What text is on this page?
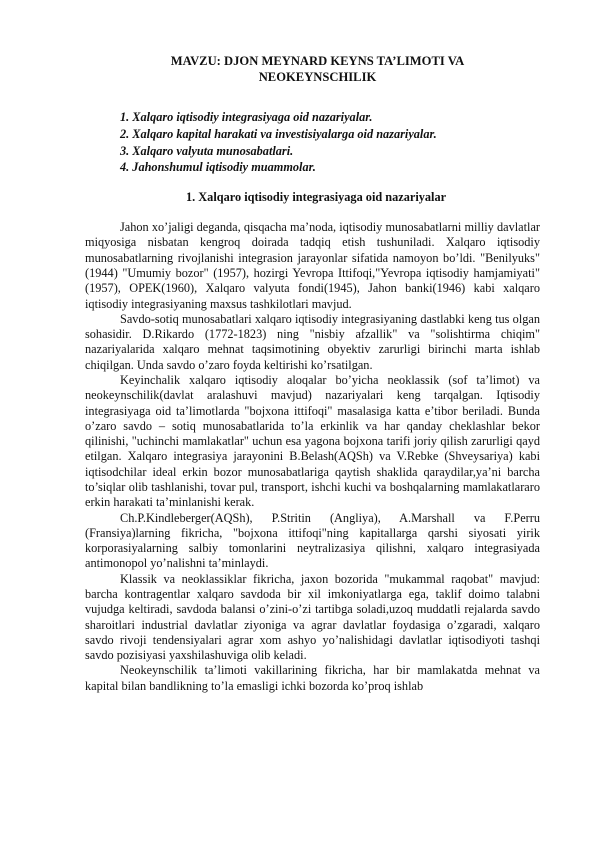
MAVZU: DJON MEYNARD KEYNS TA’LIMOTI VA
NEOKEYNSCHILIK
1. Xalqaro iqtisodiy integrasiyaga oid nazariyalar.
2. Xalqaro kapital harakati va investisiyalarga oid nazariyalar.
3. Xalqaro valyuta munosabatlari.
4. Jahonshumul iqtisodiy muammolar.
1. Xalqaro iqtisodiy integrasiyaga oid nazariyalar

Jahon xo’jaligi deganda, qisqacha ma’noda, iqtisodiy munosabatlarni milliy davlatlar miqyosiga nisbatan kengroq doirada tadqiq etish tushuniladi. Xalqaro iqtisodiy munosabatlarning rivojlanishi integrasion jarayonlar sifatida namoyon bo’ldi. "Benilyuks"(1944) "Umumiy bozor" (1957), hozirgi Yevropa Ittifoqi,"Yevropa iqtisodiy hamjamiyati" (1957), OPEK(1960), Xalqaro valyuta fondi(1945), Jahon banki(1946) kabi xalqaro iqtisodiy integrasiyaning maxsus tashkilotlari mavjud.

Savdo-sotiq munosabatlari xalqaro iqtisodiy integrasiyaning dastlabki keng tus olgan sohasidir. D.Rikardo (1772-1823) ning "nisbiy afzallik" va "solishtirma chiqim" nazariyalarida xalqaro mehnat taqsimotining obyektiv zarurligi birinchi marta ishlab chiqilgan. Unda savdo o’zaro foyda keltirishi ko’rsatilgan.

Keyinchalik xalqaro iqtisodiy aloqalar bo’yicha neoklassik (sof ta’limot) va neokeynschilik(davlat aralashuvi mavjud) nazariyalari keng tarqalgan. Iqtisodiy integrasiyaga oid ta’limotlarda "bojxona ittifoqi" masalasiga katta e’tibor beriladi. Bunda o’zaro savdo – sotiq munosabatlarida to’la erkinlik va har qanday cheklashlar bekor qilinishi, "uchinchi mamlakatlar" uchun esa yagona bojxona tarifi joriy qilish zarurligi qayd etilgan. Xalqaro integrasiya jarayonini B.Belash(AQSh) va V.Rebke (Shveysariya) kabi iqtisodchilar ideal erkin bozor munosabatlariga qaytish shaklida qaraydilar,ya’ni barcha to’siqlar olib tashlanishi, tovar pul, transport, ishchi kuchi va boshqalarning mamlakatlararo erkin harakati ta’minlanishi kerak.

Ch.P.Kindleberger(AQSh), P.Stritin (Angliya), A.Marshall va F.Perru (Fransiya)larning fikricha, "bojxona ittifoqi"ning kapitallarga qarshi siyosati yirik korporasiyalarning salbiy tomonlarini neytralizasiya qilishni, xalqaro integrasiyada antimonopol yo’nalishni ta’minlaydi.

Klassik va neoklassiklar fikricha, jaxon bozorida "mukammal raqobat" mavjud: barcha kontragentlar xalqaro savdoda bir xil imkoniyatlarga ega, taklif doimo talabni vujudga keltiradi, savdoda balansi o’zini-o’zi tartibga soladi,uzoq muddatli rejalarda savdo sharoitlari industrial davlatlar ziyoniga va agrar davlatlar foydasiga o’zgaradi, xalqaro savdo rivoji tendensiyalari agrar xom ashyo yo’nalishidagi davlatlar iqtisodiyoti tashqi savdo pozisiyasi yaxshilashuviga olib keladi.

Neokeynschilik ta’limoti vakillarining fikricha, har bir mamlakatda mehnat va kapital bilan bandlikning to’la emasligi ichki bozorda ko’proq ishlab
